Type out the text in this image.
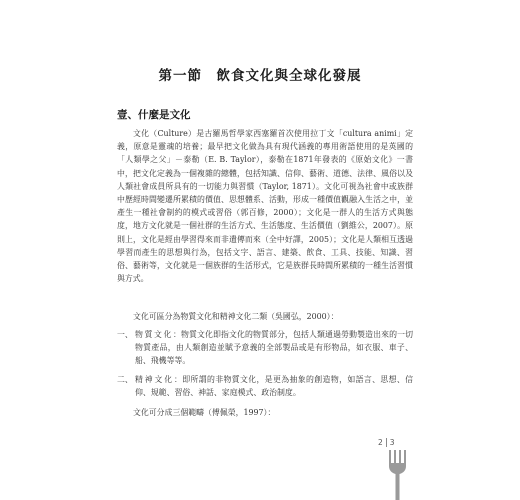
第一節　飲食文化與全球化發展
壹、什麼是文化

文化（Culture）是古羅馬哲學家西塞羅首次使用拉丁文「cultura animi」定義，原意是靈魂的培養；最早把文化做為具有現代涵義的專用術語使用的是英國的「人類學之父」－泰勒（E. B. Taylor），泰勒在1871年發表的《原始文化》一書中，把文化定義為一個複雜的總體，包括知識、信仰、藝術、道德、法律、風俗以及人類社會成員所具有的一切能力與習慣（Taylor, 1871）。文化可視為社會中或族群中歷經時間變遷所累積的價值、思想體系、活動，形成一種價值觀融入生活之中，並產生一種社會制約的模式或習俗（郭百修，2000）；文化是一群人的生活方式與態度，地方文化就是一個社群的生活方式、生活態度、生活價值（劉維公，2007）。原則上，文化是經由學習得來而非遺傳而來（全中好譯，2005）；文化是人類相互透過學習而產生的思想與行為，包括文字、語言、建築、飲食、工具、技能、知識、習俗、藝術等，文化就是一個族群的生活形式，它是族群長時間所累積的一種生活習慣與方式。

文化可區分為物質文化和精神文化二類（吳國弘，2000）：

一、 物質文化：物質文化即指文化的物質部分，包括人類通過勞動製造出來的一切物質產品，由人類創造並賦予意義的全部製品或是有形物品，如衣服、車子、船、飛機等等。
二、 精神文化：即所謂的非物質文化，是更為抽象的創造物，如語言、思想、信仰、規範、習俗、神話、家庭模式、政治制度。

文化可分成三個範疇（傅佩榮，1997）：

2 3
